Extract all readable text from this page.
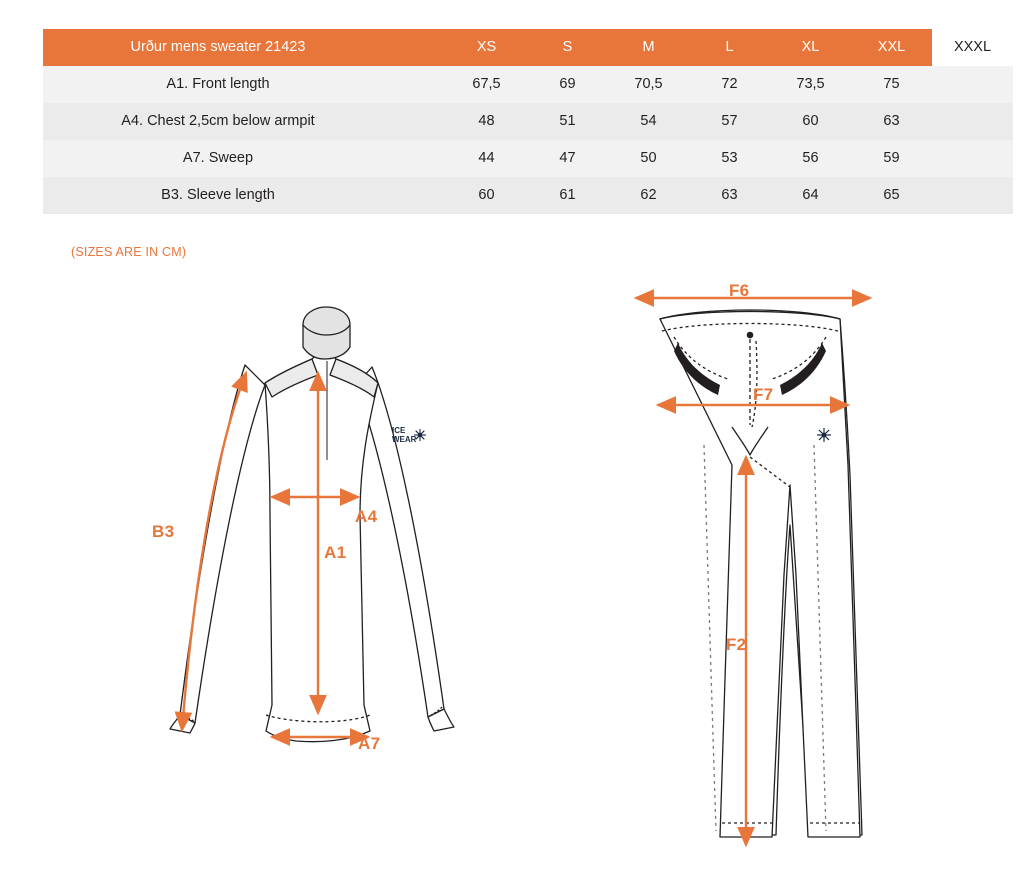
Urður mens sweater 21423		XS	S	M	L	XL	XXL	XXXL
A1. Front length		67,5	69	70,5	72	73,5	75	
A4. Chest 2,5cm below armpit		48	51	54	57	60	63	
A7. Sweep		44	47	50	53	56	59	
B3. Sleeve length		60	61	62	63	64	65	
(SIZES ARE IN CM)
ICE
WEAR
B3
A4
A1
A7
F6
F7
F2
